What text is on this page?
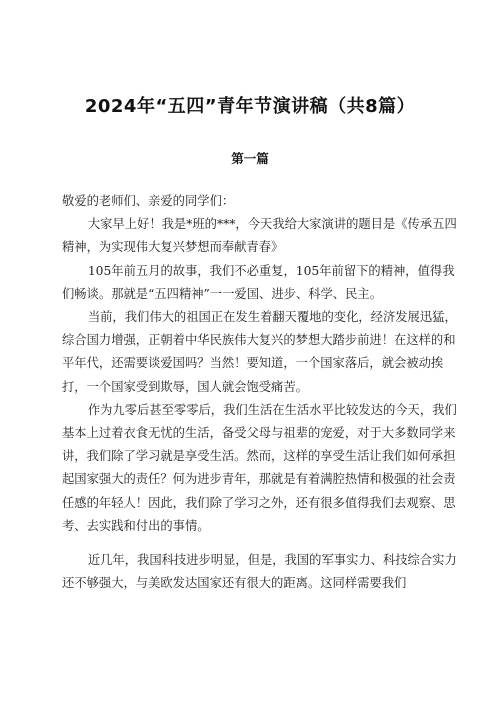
2024年“五四”青年节演讲稿（共8篇）
第一篇

敬爱的老师们、亲爱的同学们：

大家早上好！我是*班的***，今天我给大家演讲的题目是《传承五四精神，为实现伟大复兴梦想而奉献青春》

105年前五月的故事，我们不必重复，105年前留下的精神，值得我们畅谈。那就是“五四精神”一一爱国、进步、科学、民主。

当前，我们伟大的祖国正在发生着翻天覆地的变化，经济发展迅猛，综合国力增强，正朝着中华民族伟大复兴的梦想大踏步前进！在这样的和平年代，还需要谈爱国吗？当然！要知道，一个国家落后，就会被动挨打，一个国家受到欺辱，国人就会饱受痛苦。

作为九零后甚至零零后，我们生活在生活水平比较发达的今天，我们基本上过着衣食无忧的生活，备受父母与祖辈的宠爱，对于大多数同学来讲，我们除了学习就是享受生活。然而，这样的享受生活让我们如何承担起国家强大的责任？何为进步青年，那就是有着满腔热情和极强的社会责任感的年轻人！因此，我们除了学习之外，还有很多值得我们去观察、思考、去实践和付出的事情。

近几年，我国科技进步明显，但是，我国的军事实力、科技综合实力还不够强大，与美欧发达国家还有很大的距离。这同样需要我们
